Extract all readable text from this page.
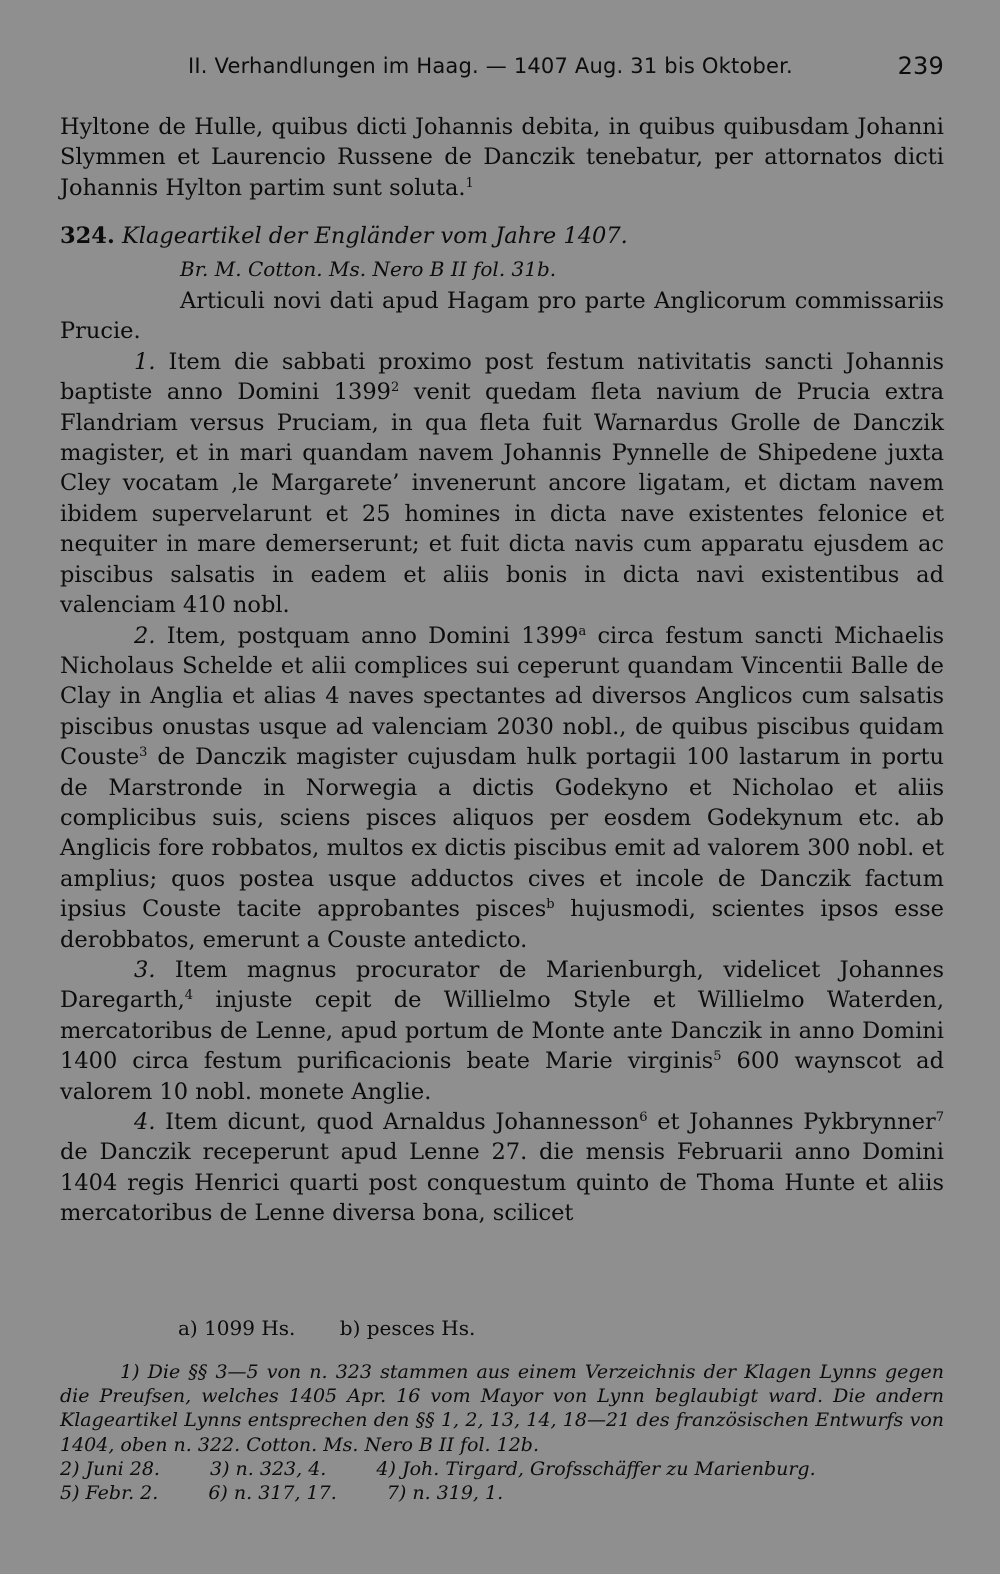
II. Verhandlungen im Haag. — 1407 Aug. 31 bis Oktober.	239

Hyltone de Hulle, quibus dicti Johannis debita, in quibus quibusdam Johanni Slymmen et Laurencio Russene de Danczik tenebatur, per attornatos dicti Johannis Hylton partim sunt soluta.$^1$

324. Klageartikel der Engländer vom Jahre 1407.

Br. M. Cotton. Ms. Nero B II fol. 31b.

Articuli novi dati apud Hagam pro parte Anglicorum commissariis Prucie.

1. Item die sabbati proximo post festum nativitatis sancti Johannis baptiste anno Domini 1399$^2$ venit quedam fleta navium de Prucia extra Flandriam versus Pruciam, in qua fleta fuit Warnardus Grolle de Danczik magister, et in mari quandam navem Johannis Pynnelle de Shipedene juxta Cley vocatam ‚le Margarete’ invenerunt ancore ligatam, et dictam navem ibidem supervelarunt et 25 homines in dicta nave existentes felonice et nequiter in mare demerserunt; et fuit dicta navis cum apparatu ejusdem ac piscibus salsatis in eadem et aliis bonis in dicta navi existentibus ad valenciam 410 nobl.

2. Item, postquam anno Domini 1399$^a$ circa festum sancti Michaelis Nicholaus Schelde et alii complices sui ceperunt quandam Vincentii Balle de Clay in Anglia et alias 4 naves spectantes ad diversos Anglicos cum salsatis piscibus onustas usque ad valenciam 2030 nobl., de quibus piscibus quidam Couste$^3$ de Danczik magister cujusdam hulk portagii 100 lastarum in portu de Marstronde in Norwegia a dictis Godekyno et Nicholao et aliis complicibus suis, sciens pisces aliquos per eosdem Godekynum etc. ab Anglicis fore robbatos, multos ex dictis piscibus emit ad valorem 300 nobl. et amplius; quos postea usque adductos cives et incole de Danczik factum ipsius Couste tacite approbantes pisces$^b$ hujusmodi, scientes ipsos esse derobbatos, emerunt a Couste antedicto.

3. Item magnus procurator de Marienburgh, videlicet Johannes Daregarth,$^4$ injuste cepit de Willielmo Style et Willielmo Waterden, mercatoribus de Lenne, apud portum de Monte ante Danczik in anno Domini 1400 circa festum purificacionis beate Marie virginis$^5$ 600 waynscot ad valorem 10 nobl. monete Anglie.

4. Item dicunt, quod Arnaldus Johannesson$^6$ et Johannes Pykbrynner$^7$ de Danczik receperunt apud Lenne 27. die mensis Februarii anno Domini 1404 regis Henrici quarti post conquestum quinto de Thoma Hunte et aliis mercatoribus de Lenne diversa bona, scilicet

a) 1099 Hs. b) pesces Hs.

1) Die §§ 3—5 von n. 323 stammen aus einem Verzeichnis der Klagen Lynns gegen die Preufsen, welches 1405 Apr. 16 vom Mayor von Lynn beglaubigt ward. Die andern Klageartikel Lynns entsprechen den §§ 1, 2, 13, 14, 18—21 des französischen Entwurfs von 1404, oben n. 322. Cotton. Ms. Nero B II fol. 12b.

2) Juni 28.	3) n. 323, 4.	4) Joh. Tirgard, Grofsschäffer zu Marienburg.

5) Febr. 2.	6) n. 317, 17.	7) n. 319, 1.
